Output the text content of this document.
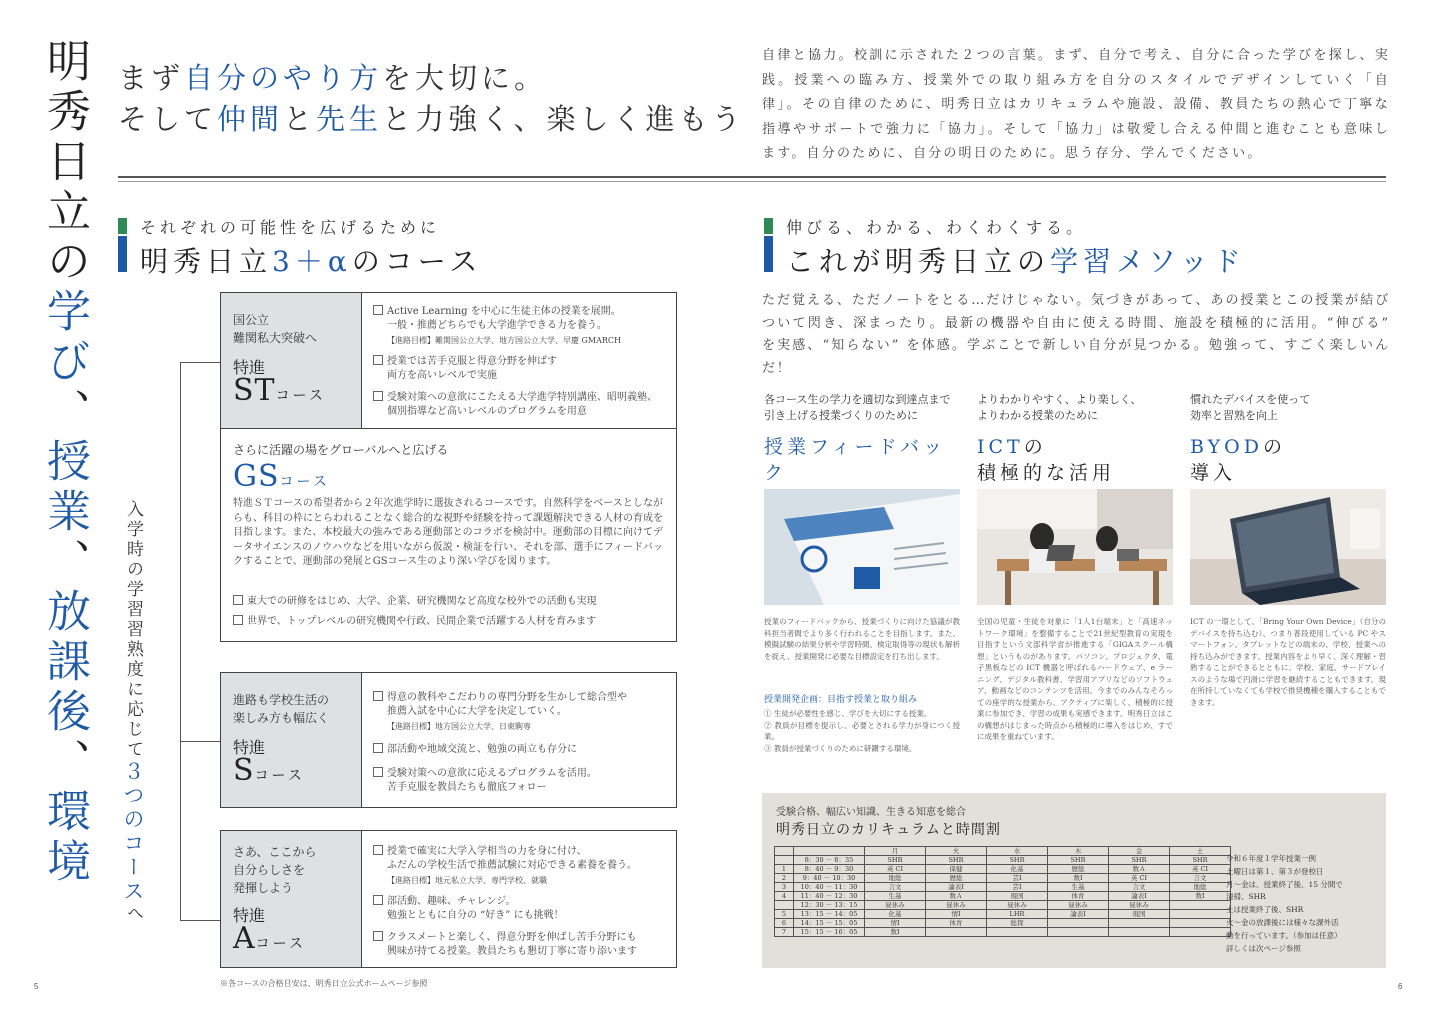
明秀日立の学び、授業、放課後、環境
まず自分のやり方を大切に。
そして仲間と先生と力強く、楽しく進もう
自律と協力。校訓に示された２つの言葉。まず、自分で考え、自分に合った学びを探し、実践。授業への臨み方、授業外での取り組み方を自分のスタイルでデザインしていく「自律」。その自律のために、明秀日立はカリキュラムや施設、設備、教員たちの熱心で丁寧な指導やサポートで強力に「協力」。そして「協力」は敬愛し合える仲間と進むことも意味します。自分のために、自分の明日のために。思う存分、学んでください。
それぞれの可能性を広げるために
明秀日立3＋αのコース
入学時の学習習熟度に応じて３つのコースへ
国公立
難関私大突破へ
特進
STコース
Active Learning を中心に生徒主体の授業を展開。
一般・推薦どちらでも大学進学できる力を養う。
【進路目標】難関国公立大学、地方国公立大学、早慶 GMARCH
授業では苦手克服と得意分野を伸ばす
両方を高いレベルで実施
受験対策への意欲にこたえる大学進学特別講座、昭明義塾、
個別指導など高いレベルのプログラムを用意
さらに活躍の場をグローバルへと広げる
GSコース
特進ＳＴコースの希望者から２年次進学時に選抜されるコースです。自然科学をベースとしながらも、科目の枠にとらわれることなく総合的な視野や経験を持って課題解決できる人材の育成を目指します。また、本校最大の強みである運動部とのコラボを検討中。運動部の目標に向けてデータサイエンスのノウハウなどを用いながら仮説・検証を行い、それを部、選手にフィードバックすることで、運動部の発展とGSコース生のより深い学びを図ります。
東大での研修をはじめ、大学、企業、研究機関など高度な校外での活動も実現
世界で、トップレベルの研究機関や行政、民間企業で活躍する人材を育みます
進路も学校生活の
楽しみ方も幅広く
特進
Sコース
得意の教科やこだわりの専門分野を生かして総合型や
推薦入試を中心に大学を決定していく。
【進路目標】地方国公立大学、日東駒専
部活動や地域交流と、勉強の両立も存分に
受験対策への意欲に応えるプログラムを活用。
苦手克服を教員たちも徹底フォロー
さあ、ここから
自分らしさを
発揮しよう
特進
Aコース
授業で確実に大学入学相当の力を身に付け、
ふだんの学校生活で推薦試験に対応できる素養を養う。
【進路目標】地元私立大学、専門学校、就職
部活動、趣味、チャレンジ。
勉強とともに自分の “好き” にも挑戦！
クラスメートと楽しく、得意分野を伸ばし苦手分野にも
興味が持てる授業。教員たちも懇切丁寧に寄り添います
※各コースの合格目安は、明秀日立公式ホームページ参照
5
伸びる、わかる、わくわくする。
これが明秀日立の学習メソッド
ただ覚える、ただノートをとる…だけじゃない。気づきがあって、あの授業とこの授業が結びついて閃き、深まったり。最新の機器や自由に使える時間、施設を積極的に活用。“伸びる” を実感、“知らない” を体感。学ぶことで新しい自分が見つかる。勉強って、すごく楽しいんだ！
各コース生の学力を適切な到達点まで
引き上げる授業づくりのために
授業フィードバック
授業のフィードバックから、授業づくりに向けた協議が教科担当者間でより多く行われることを目指します。また、模擬試験の結果分析や学習時間、検定取得等の現状も解析を捉え、授業開発に必要な目標設定を打ち出します。
授業開発企画：目指す授業と取り組み
① 生徒が必要性を感じ、学びを大切にする授業。
② 教員が目標を提示し、必要とされる学力が身につく授業。
③ 教員が授業づくりのために研鑽する環境。
よりわかりやすく、より楽しく、
よりわかる授業のために
ICTの
積極的な活用
全国の児童・生徒を対象に「1人1台端末」と「高速ネットワーク環境」を整備することで21世紀型教育の実現を目指すという文部科学省が推進する「GIGAスクール構想」というものがあります。パソコン、プロジェクタ、電子黒板などの ICT 機器と呼ばれるハードウェア、e ラーニング、デジタル教科書、学習用アプリなどのソフトウェア、動画などのコンテンツを活用。今までのみんなそろっての座学的な授業から、アクティブに楽しく、積極的に授業に参加でき、学習の成果も実感できます。明秀日立はこの構想がはじまった時点から積極的に導入をはじめ、すでに成果を重ねています。
慣れたデバイスを使って
効率と習熟を向上
BYODの
導入
ICT の一環として、「Bring Your Own Device」（自分のデバイスを持ち込む）、つまり普段使用している PC やスマートフォン、タブレットなどの端末の、学校、授業への持ち込みができます。授業内容をより早く、深く理解・習熟することができるとともに、学校、家庭、サードプレイスのような場で円滑に学習を継続することもできます。現在所持していなくても学校で推奨機種を購入することもできます。
受験合格、幅広い知識、生きる知恵を総合
明秀日立のカリキュラムと時間割
		月	火	水	木	金	土
	8：30 － 8：35	SHR	SHR	SHR	SHR	SHR	SHR
1	8：40 － 9：30	英 CⅠ	保健	化基	歴総	数Ａ	英 CⅠ
2	9：40 － 10：30	地総	歴総	芸Ⅰ	数Ⅰ	英 CⅠ	言文
3	10：40 － 11：30	言文	論表Ⅰ	芸Ⅰ	生基	言文	地総
4	11：40 － 12：30	生基	数Ａ	現国	体育	論表Ⅰ	数Ⅰ
	12：30 － 13：15	昼休み	昼休み	昼休み	昼休み	昼休み	
5	13：15 － 14：05	化基	情Ⅰ	LHR	論表Ⅰ	現国	
6	14：15 － 15：05	情Ⅰ	体育	総探			
7	15：15 － 16：05	数Ⅰ					
令和６年度１学年授業一例
土曜日は第１、第３が登校日
月～金は、授業終了後、15 分間で
清掃、SHR
土は授業終了後、SHR
火～金の放課後には様々な課外活
動を行っています。（参加は任意）
詳しくは次ページ参照
6
